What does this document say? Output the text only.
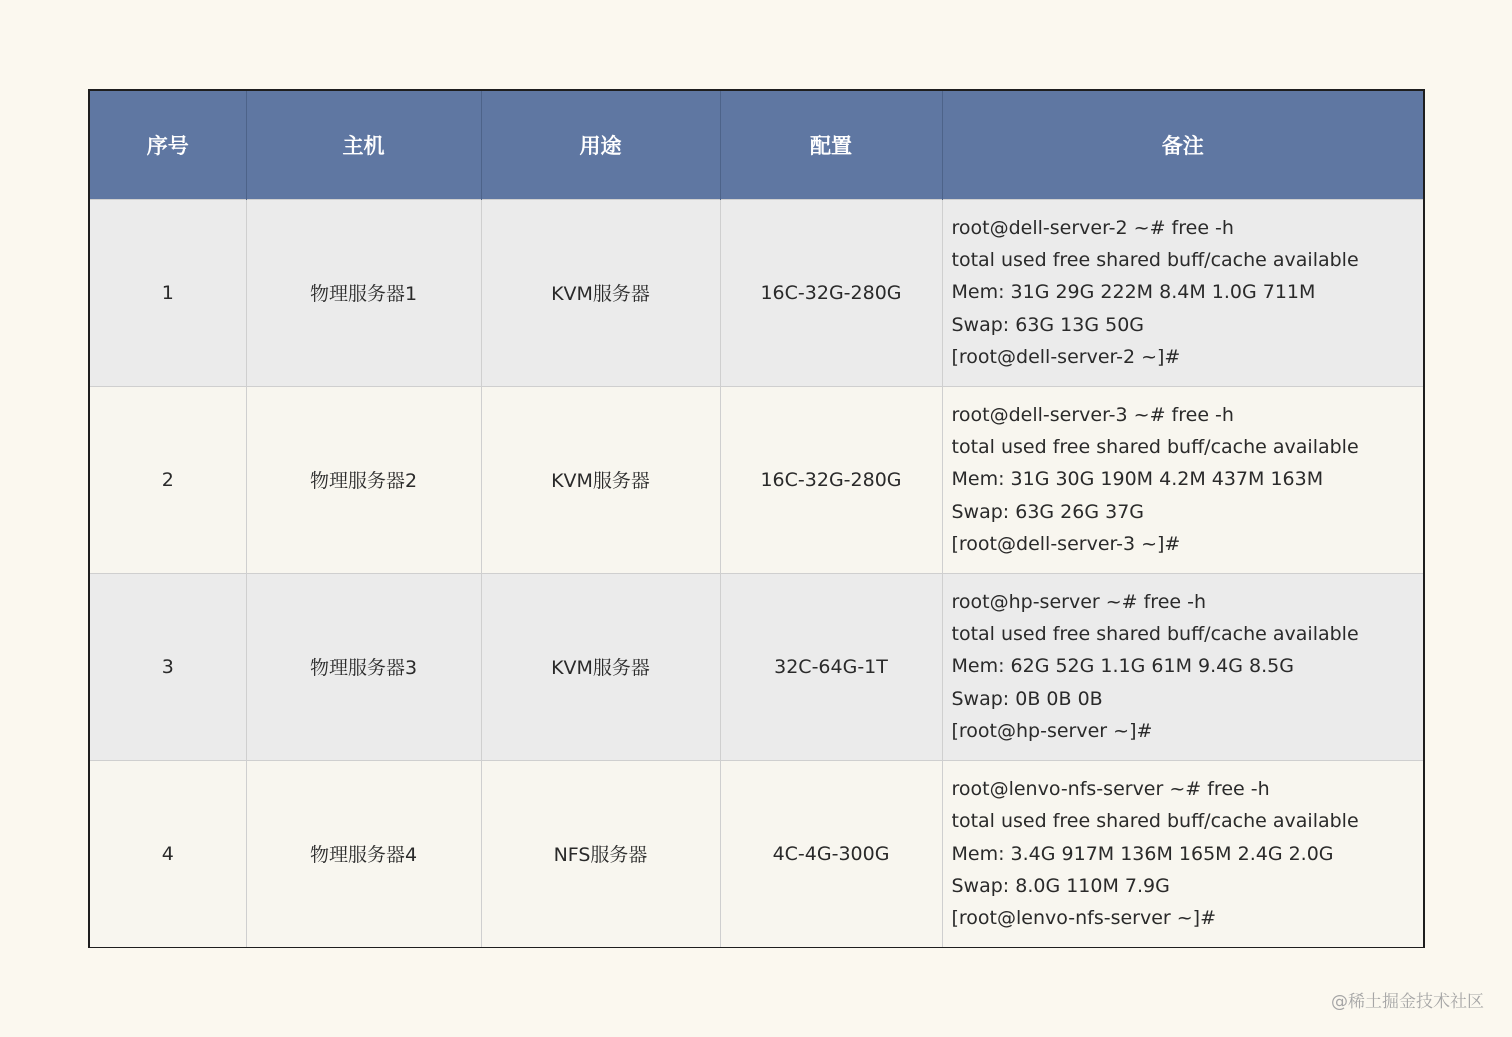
序号	主机	用途	配置	备注
1	物理服务器1	KVM服务器	16C-32G-280G	root@dell-server-2 ~# free -h
total used free shared buff/cache available
Mem: 31G 29G 222M 8.4M 1.0G 711M
Swap: 63G 13G 50G
[root@dell-server-2 ~]#

2	物理服务器2	KVM服务器	16C-32G-280G	root@dell-server-3 ~# free -h
total used free shared buff/cache available
Mem: 31G 30G 190M 4.2M 437M 163M
Swap: 63G 26G 37G
[root@dell-server-3 ~]#

3	物理服务器3	KVM服务器	32C-64G-1T	root@hp-server ~# free -h
total used free shared buff/cache available
Mem: 62G 52G 1.1G 61M 9.4G 8.5G
Swap: 0B 0B 0B
[root@hp-server ~]#

4	物理服务器4	NFS服务器	4C-4G-300G	root@lenvo-nfs-server ~# free -h
total used free shared buff/cache available
Mem: 3.4G 917M 136M 165M 2.4G 2.0G
Swap: 8.0G 110M 7.9G
[root@lenvo-nfs-server ~]#
@稀土掘金技术社区
